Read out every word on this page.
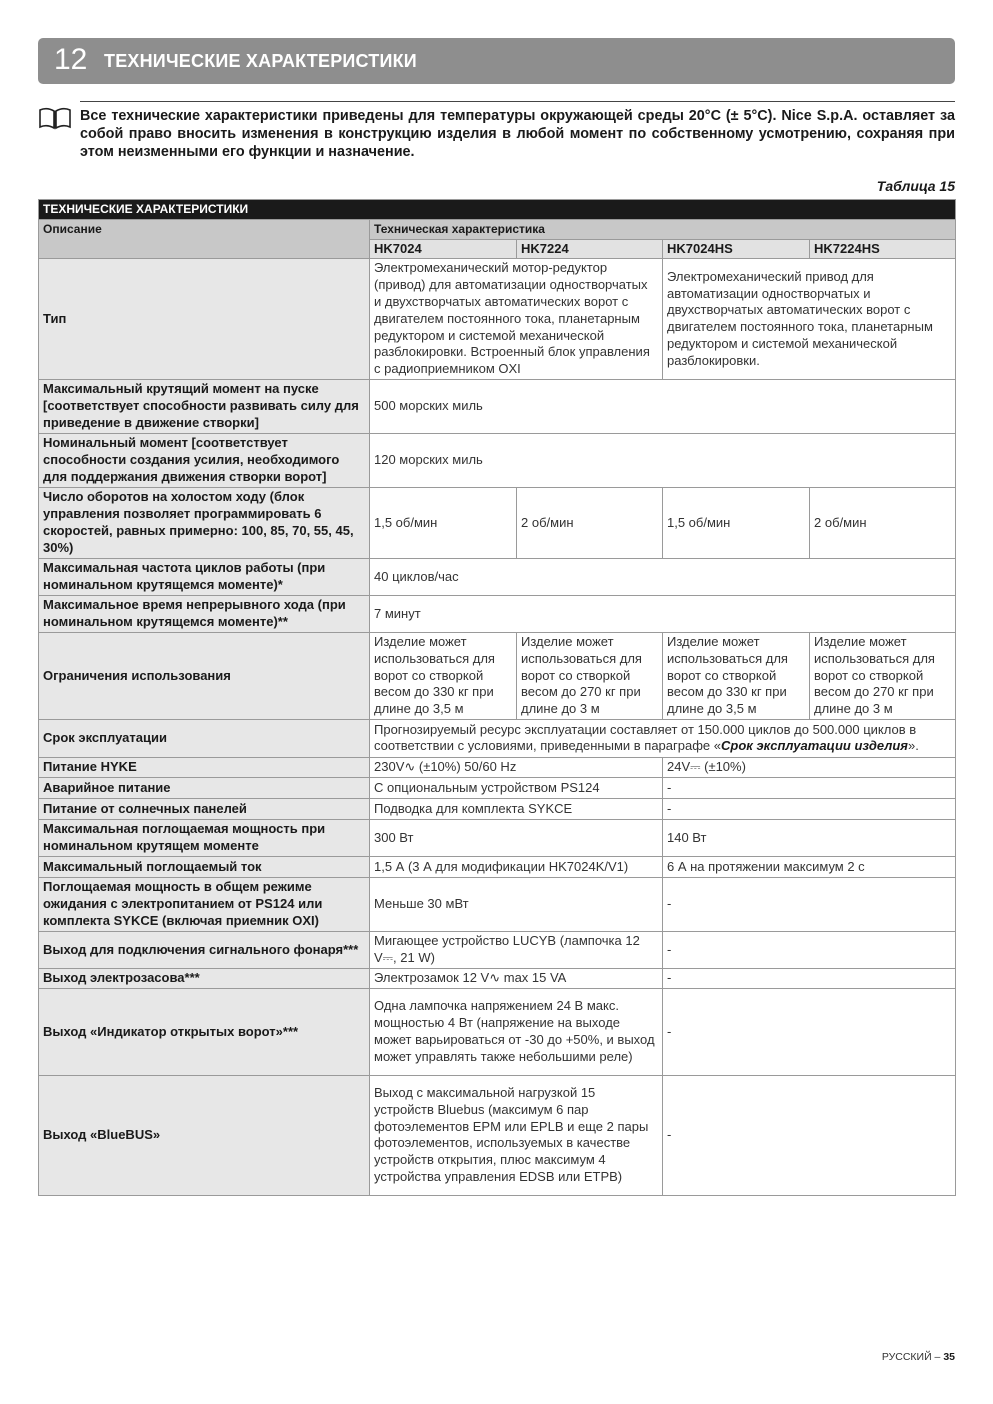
12 ТЕХНИЧЕСКИЕ ХАРАКТЕРИСТИКИ
Все технические характеристики приведены для температуры окружающей среды 20°C (± 5°C). Nice S.p.A. оставляет за собой право вносить изменения в конструкцию изделия в любой момент по собственному усмотрению, сохраняя при этом неизменными его функции и назначение.
Таблица 15
ТЕХНИЧЕСКИЕ ХАРАКТЕРИСТИКИ				
Описание	Техническая характеристика			
	HK7024	HK7224	HK7024HS	HK7224HS
Тип	Электромеханический мотор-редуктор (привод) для автоматизации одностворчатых и двухстворчатых автоматических ворот с двигателем постоянного тока, планетарным редуктором и системой механической разблокировки. Встроенный блок управления с радиоприемником OXI		Электромеханический привод для автоматизации одностворчатых и двухстворчатых автоматических ворот с двигателем постоянного тока, планетарным редуктором и системой механической разблокировки.	
Максимальный крутящий момент на пуске [соответствует способности развивать силу для приведение в движение створки]	500 морских миль			
Номинальный момент [соответствует способности создания усилия, необходимого для поддержания движения створки ворот]	120 морских миль			
Число оборотов на холостом ходу (блок управления позволяет программировать 6 скоростей, равных примерно: 100, 85, 70, 55, 45, 30%)	1,5 об/мин	2 об/мин	1,5 об/мин	2 об/мин
Максимальная частота циклов работы (при номинальном крутящемся моменте)*	40 циклов/час			
Максимальное время непрерывного хода (при номинальном крутящемся моменте)**	7 минут			
Ограничения использования	Изделие может использоваться для ворот со створкой весом до 330 кг при длине до 3,5 м	Изделие может использоваться для ворот со створкой весом до 270 кг при длине до 3 м	Изделие может использоваться для ворот со створкой весом до 330 кг при длине до 3,5 м	Изделие может использоваться для ворот со створкой весом до 270 кг при длине до 3 м
Срок эксплуатации	Прогнозируемый ресурс эксплуатации составляет от 150.000 циклов до 500.000 циклов в соответствии с условиями, приведенными в параграфе «Срок эксплуатации изделия».			
Питание HYKE	230V∿ (±10%) 50/60 Hz		24V⎓ (±10%)	
Аварийное питание	С опциональным устройством PS124		-	
Питание от солнечных панелей	Подводка для комплекта SYKCE		-	
Максимальная поглощаемая мощность при номинальном крутящем моменте	300 Вт		140 Вт	
Максимальный поглощаемый ток	1,5 А (3 А для модификации HK7024K/V1)		6 А на протяжении максимум 2 с	
Поглощаемая мощность в общем режиме ожидания с электропитанием от PS124 или комплекта SYKCE (включая приемник OXI)	Меньше 30 мВт		-	
Выход для подключения сигнального фонаря***	Мигающее устройство LUCYB (лампочка 12 V⎓, 21 W)		-	
Выход электрозасова***	Электрозамок 12 V∿ max 15 VA		-	
Выход «Индикатор открытых ворот»***	Одна лампочка напряжением 24 В макс. мощностью 4 Вт (напряжение на выходе может варьироваться от -30 до +50%, и выход может управлять также небольшими реле)		-	
Выход «BlueBUS»	Выход с максимальной нагрузкой 15 устройств Bluebus (максимум 6 пар фотоэлементов EPM или EPLB и еще 2 пары фотоэлементов, используемых в качестве устройств открытия, плюс максимум 4 устройства управления EDSB или ETPB)		-	
РУССКИЙ – 35
